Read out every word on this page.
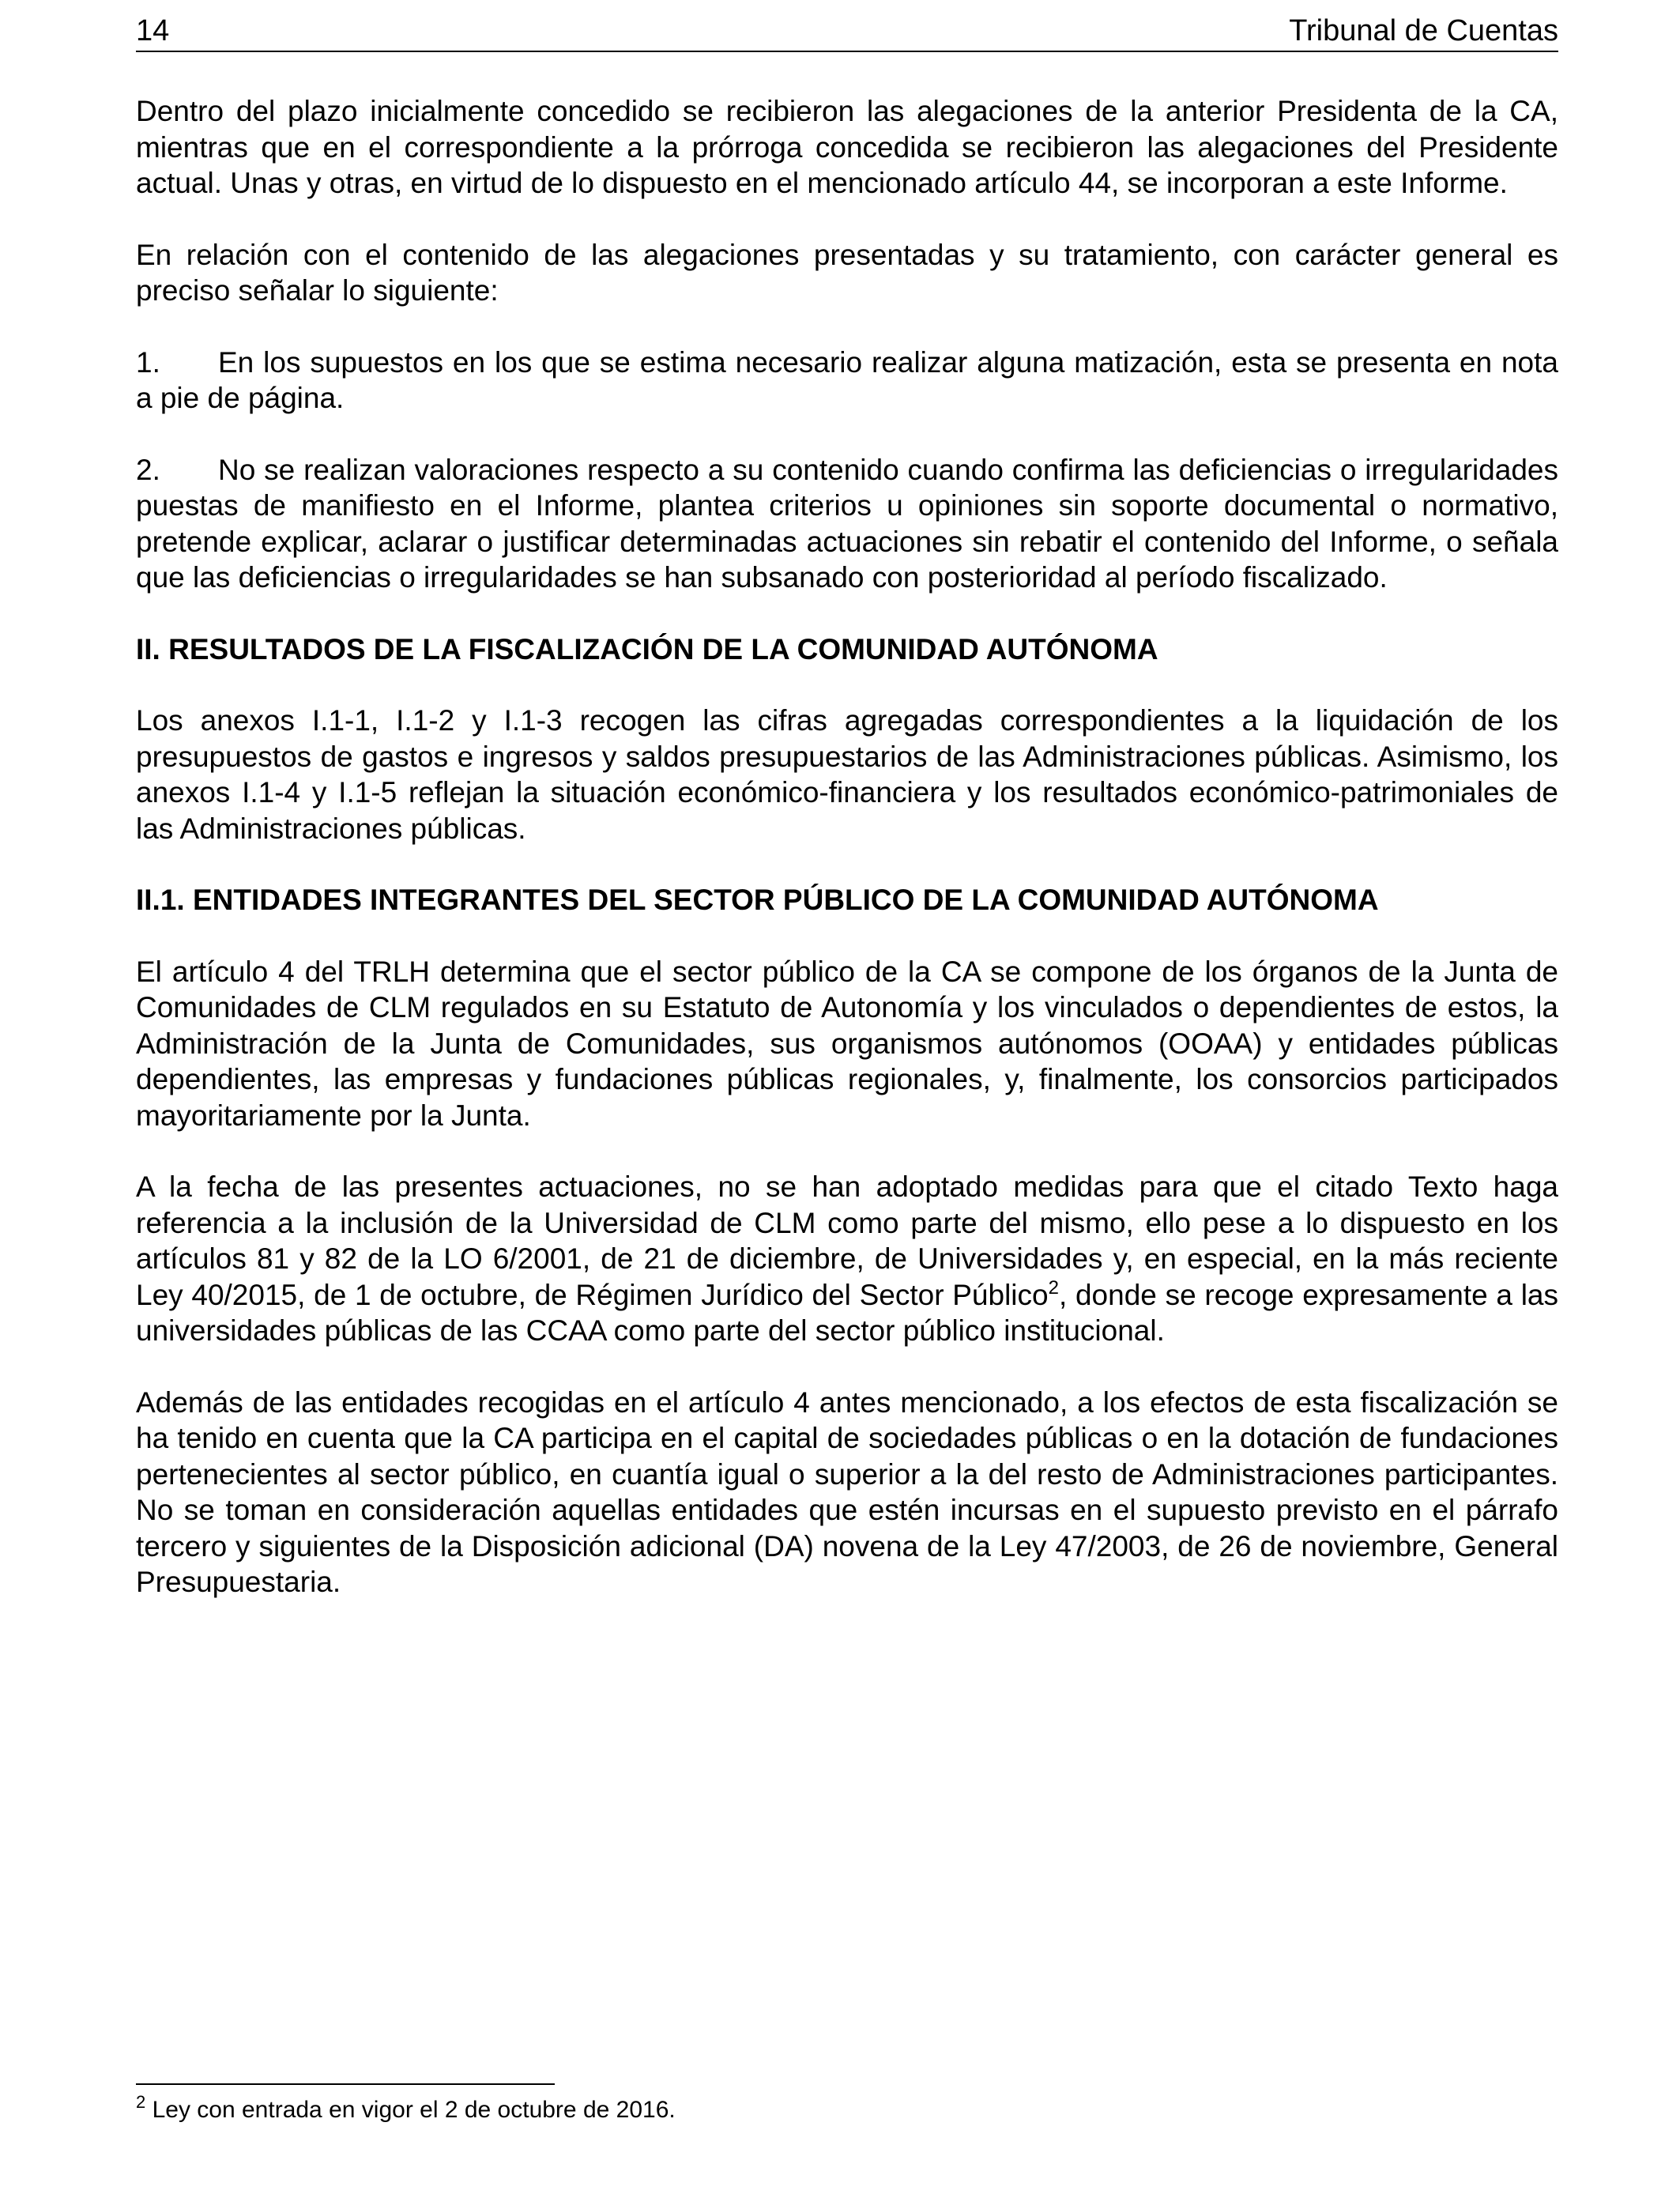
14	Tribunal de Cuentas

Dentro del plazo inicialmente concedido se recibieron las alegaciones de la anterior Presidenta de la CA, mientras que en el correspondiente a la prórroga concedida se recibieron las alegaciones del Presidente actual. Unas y otras, en virtud de lo dispuesto en el mencionado artículo 44, se incorporan a este Informe.

En relación con el contenido de las alegaciones presentadas y su tratamiento, con carácter general es preciso señalar lo siguiente:

1. En los supuestos en los que se estima necesario realizar alguna matización, esta se presenta en nota a pie de página.

2. No se realizan valoraciones respecto a su contenido cuando confirma las deficiencias o irregularidades puestas de manifiesto en el Informe, plantea criterios u opiniones sin soporte documental o normativo, pretende explicar, aclarar o justificar determinadas actuaciones sin rebatir el contenido del Informe, o señala que las deficiencias o irregularidades se han subsanado con posterioridad al período fiscalizado.

II. RESULTADOS DE LA FISCALIZACIÓN DE LA COMUNIDAD AUTÓNOMA

Los anexos I.1-1, I.1-2 y I.1-3 recogen las cifras agregadas correspondientes a la liquidación de los presupuestos de gastos e ingresos y saldos presupuestarios de las Administraciones públicas. Asimismo, los anexos I.1-4 y I.1-5 reflejan la situación económico-financiera y los resultados económico-patrimoniales de las Administraciones públicas.

II.1. ENTIDADES INTEGRANTES DEL SECTOR PÚBLICO DE LA COMUNIDAD AUTÓNOMA

El artículo 4 del TRLH determina que el sector público de la CA se compone de los órganos de la Junta de Comunidades de CLM regulados en su Estatuto de Autonomía y los vinculados o dependientes de estos, la Administración de la Junta de Comunidades, sus organismos autónomos (OOAA) y entidades públicas dependientes, las empresas y fundaciones públicas regionales, y, finalmente, los consorcios participados mayoritariamente por la Junta.

A la fecha de las presentes actuaciones, no se han adoptado medidas para que el citado Texto haga referencia a la inclusión de la Universidad de CLM como parte del mismo, ello pese a lo dispuesto en los artículos 81 y 82 de la LO 6/2001, de 21 de diciembre, de Universidades y, en especial, en la más reciente Ley 40/2015, de 1 de octubre, de Régimen Jurídico del Sector Público$^2$, donde se recoge expresamente a las universidades públicas de las CCAA como parte del sector público institucional.

Además de las entidades recogidas en el artículo 4 antes mencionado, a los efectos de esta fiscalización se ha tenido en cuenta que la CA participa en el capital de sociedades públicas o en la dotación de fundaciones pertenecientes al sector público, en cuantía igual o superior a la del resto de Administraciones participantes. No se toman en consideración aquellas entidades que estén incursas en el supuesto previsto en el párrafo tercero y siguientes de la Disposición adicional (DA) novena de la Ley 47/2003, de 26 de noviembre, General Presupuestaria.

$^2$ Ley con entrada en vigor el 2 de octubre de 2016.
